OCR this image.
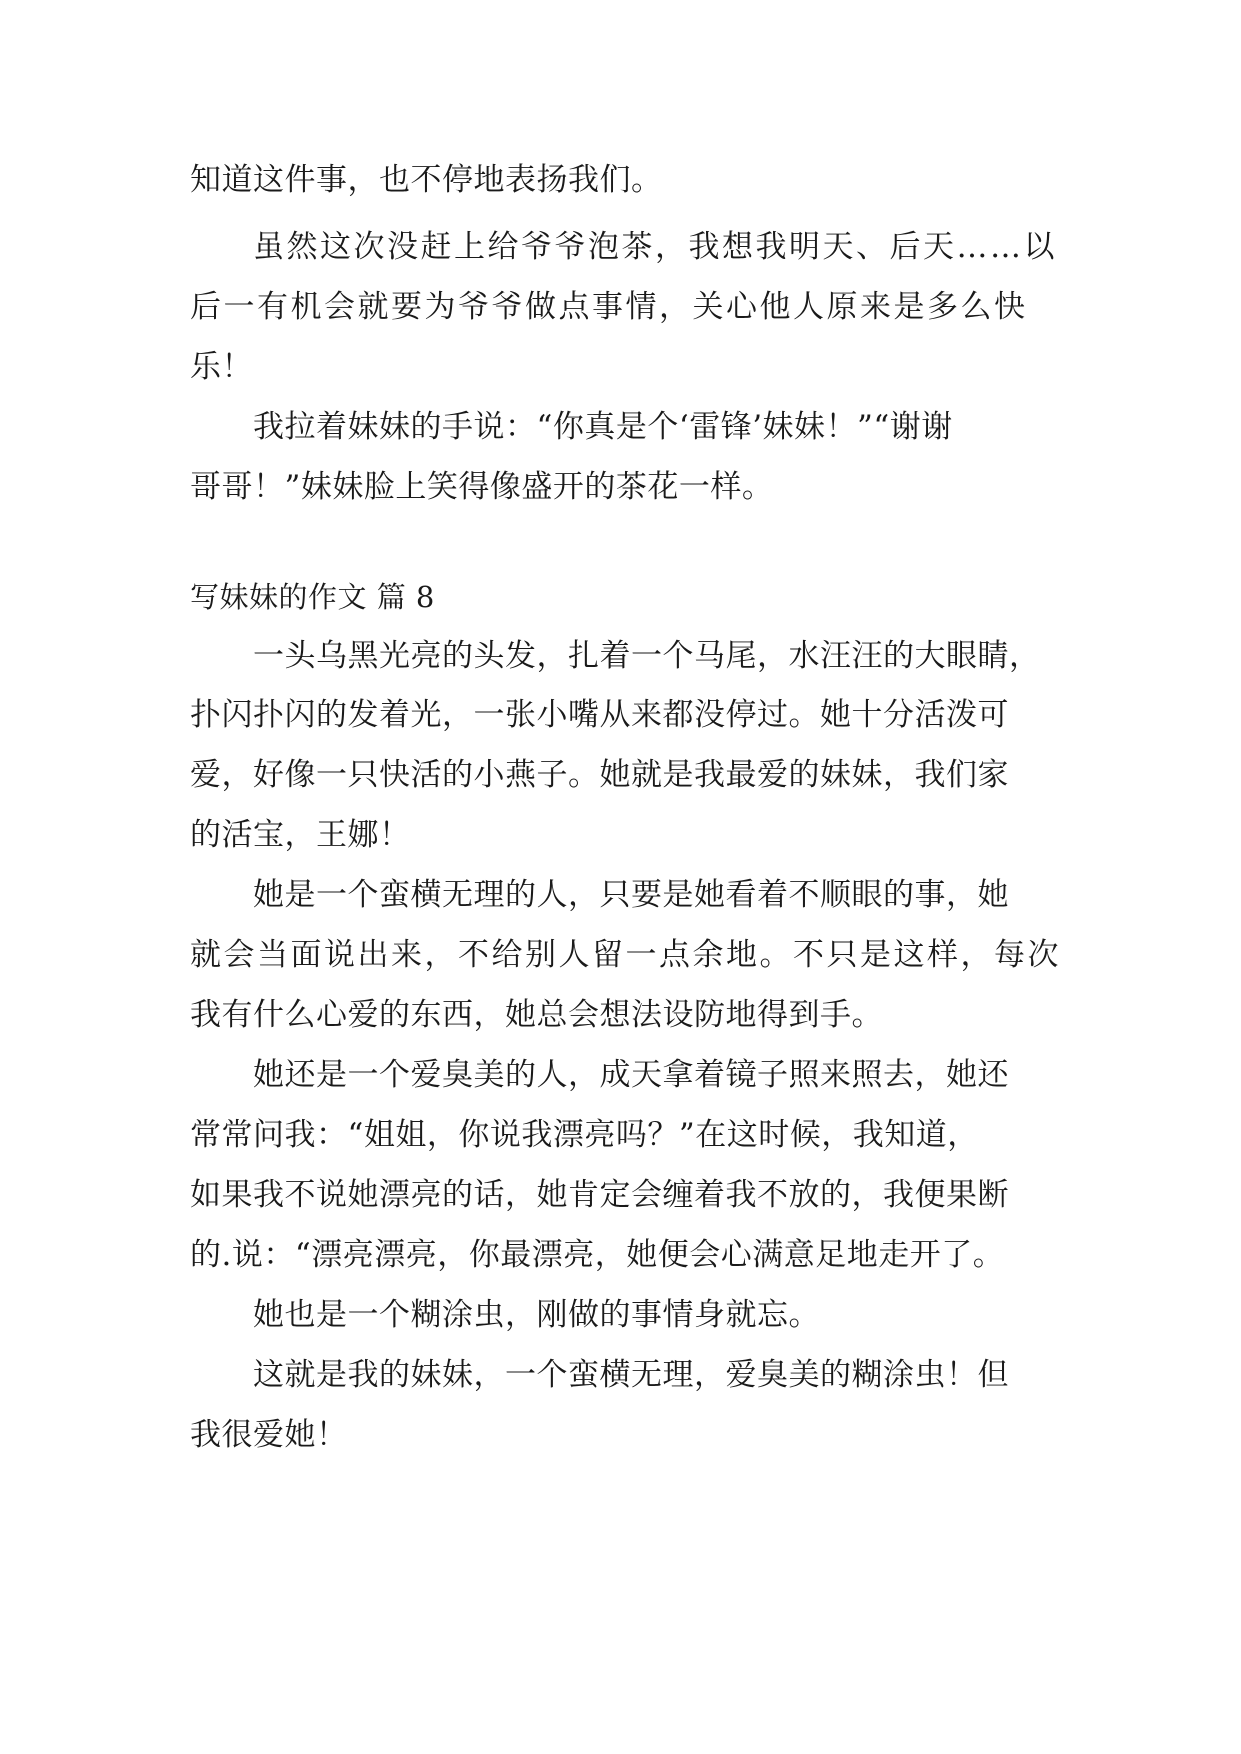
知道这件事，也不停地表扬我们。
虽然这次没赶上给爷爷泡茶，我想我明天、后天……以
后一有机会就要为爷爷做点事情，关心他人原来是多么快
乐！
我拉着妹妹的手说：“你真是个‘雷锋’妹妹！”“谢谢
哥哥！”妹妹脸上笑得像盛开的茶花一样。
写妹妹的作文 篇 8
一头乌黑光亮的头发，扎着一个马尾，水汪汪的大眼睛，
扑闪扑闪的发着光，一张小嘴从来都没停过。她十分活泼可
爱，好像一只快活的小燕子。她就是我最爱的妹妹，我们家
的活宝，王娜！
她是一个蛮横无理的人，只要是她看着不顺眼的事，她
就会当面说出来，不给别人留一点余地。不只是这样，每次
我有什么心爱的东西，她总会想法设防地得到手。
她还是一个爱臭美的人，成天拿着镜子照来照去，她还
常常问我：“姐姐，你说我漂亮吗？”在这时候，我知道，
如果我不说她漂亮的话，她肯定会缠着我不放的，我便果断
的.说：“漂亮漂亮，你最漂亮，她便会心满意足地走开了。
她也是一个糊涂虫，刚做的事情身就忘。
这就是我的妹妹，一个蛮横无理，爱臭美的糊涂虫！但
我很爱她！
